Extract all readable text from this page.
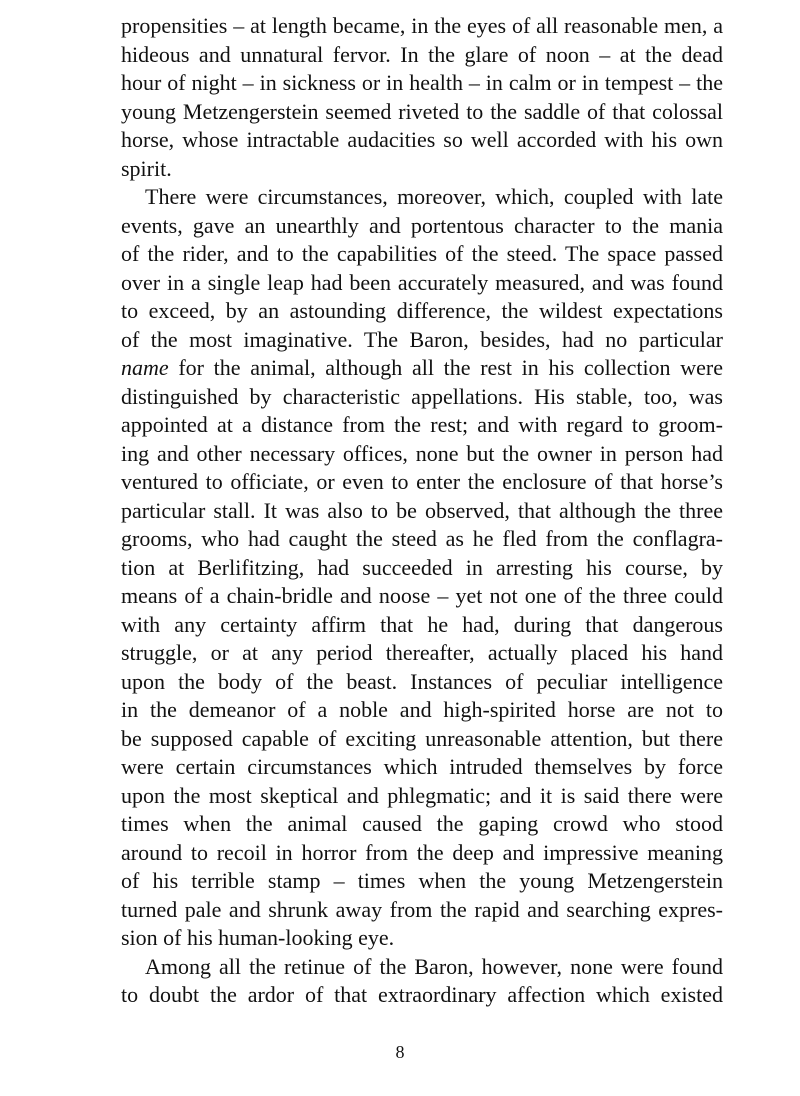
propensities – at length became, in the eyes of all reasonable men, a
hideous and unnatural fervor. In the glare of noon – at the dead
hour of night – in sickness or in health – in calm or in tempest – the
young Metzengerstein seemed riveted to the saddle of that colossal
horse, whose intractable audacities so well accorded with his own
spirit.
There were circumstances, moreover, which, coupled with late
events, gave an unearthly and portentous character to the mania
of the rider, and to the capabilities of the steed. The space passed
over in a single leap had been accurately measured, and was found
to exceed, by an astounding difference, the wildest expectations
of the most imaginative. The Baron, besides, had no particular
name for the animal, although all the rest in his collection were
distinguished by characteristic appellations. His stable, too, was
appointed at a distance from the rest; and with regard to groom-
ing and other necessary offices, none but the owner in person had
ventured to officiate, or even to enter the enclosure of that horse’s
particular stall. It was also to be observed, that although the three
grooms, who had caught the steed as he fled from the conflagra-
tion at Berlifitzing, had succeeded in arresting his course, by
means of a chain-bridle and noose – yet not one of the three could
with any certainty affirm that he had, during that dangerous
struggle, or at any period thereafter, actually placed his hand
upon the body of the beast. Instances of peculiar intelligence
in the demeanor of a noble and high-spirited horse are not to
be supposed capable of exciting unreasonable attention, but there
were certain circumstances which intruded themselves by force
upon the most skeptical and phlegmatic; and it is said there were
times when the animal caused the gaping crowd who stood
around to recoil in horror from the deep and impressive meaning
of his terrible stamp – times when the young Metzengerstein
turned pale and shrunk away from the rapid and searching expres-
sion of his human-looking eye.
Among all the retinue of the Baron, however, none were found
to doubt the ardor of that extraordinary affection which existed
8
